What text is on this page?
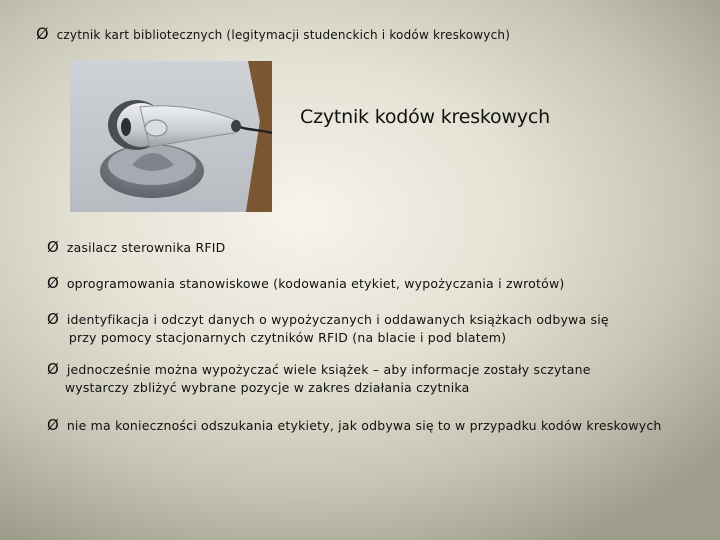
Ø czytnik kart bibliotecznych (legitymacji studenckich i kodów kreskowych)
Czytnik kodów kreskowych
Ø zasilacz sterownika RFID
Ø oprogramowania stanowiskowe (kodowania etykiet, wypożyczania i zwrotów)
Ø identyfikacja i odczyt danych o wypożyczanych i oddawanych książkach odbywa się
przy pomocy stacjonarnych czytników RFID (na blacie i pod blatem)
Ø jednocześnie można wypożyczać wiele książek – aby informacje zostały sczytane
wystarczy zbliżyć wybrane pozycje w zakres działania czytnika
Ø nie ma konieczności odszukania etykiety, jak odbywa się to w przypadku kodów kreskowych
